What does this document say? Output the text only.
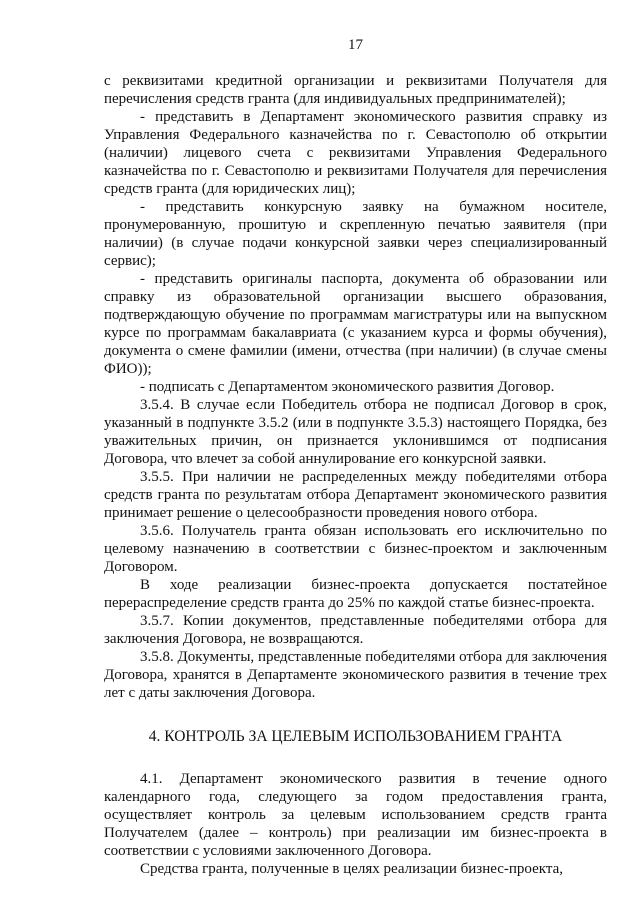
17

с реквизитами кредитной организации и реквизитами Получателя для перечисления средств гранта (для индивидуальных предпринимателей);

- представить в Департамент экономического развития справку из Управления Федерального казначейства по г. Севастополю об открытии (наличии) лицевого счета с реквизитами Управления Федерального казначейства по г. Севастополю и реквизитами Получателя для перечисления средств гранта (для юридических лиц);

- представить конкурсную заявку на бумажном носителе, пронумерованную, прошитую и скрепленную печатью заявителя (при наличии) (в случае подачи конкурсной заявки через специализированный сервис);

- представить оригиналы паспорта, документа об образовании или справку из образовательной организации высшего образования, подтверждающую обучение по программам магистратуры или на выпускном курсе по программам бакалавриата (с указанием курса и формы обучения), документа о смене фамилии (имени, отчества (при наличии) (в случае смены ФИО));

- подписать с Департаментом экономического развития Договор.

3.5.4. В случае если Победитель отбора не подписал Договор в срок, указанный в подпункте 3.5.2 (или в подпункте 3.5.3) настоящего Порядка, без уважительных причин, он признается уклонившимся от подписания Договора, что влечет за собой аннулирование его конкурсной заявки.

3.5.5. При наличии не распределенных между победителями отбора средств гранта по результатам отбора Департамент экономического развития принимает решение о целесообразности проведения нового отбора.

3.5.6. Получатель гранта обязан использовать его исключительно по целевому назначению в соответствии с бизнес-проектом и заключенным Договором.

В ходе реализации бизнес-проекта допускается постатейное перераспределение средств гранта до 25% по каждой статье бизнес-проекта.

3.5.7. Копии документов, представленные победителями отбора для заключения Договора, не возвращаются.

3.5.8. Документы, представленные победителями отбора для заключения Договора, хранятся в Департаменте экономического развития в течение трех лет с даты заключения Договора.

4. КОНТРОЛЬ ЗА ЦЕЛЕВЫМ ИСПОЛЬЗОВАНИЕМ ГРАНТА

4.1. Департамент экономического развития в течение одного календарного года, следующего за годом предоставления гранта, осуществляет контроль за целевым использованием средств гранта Получателем (далее – контроль) при реализации им бизнес-проекта в соответствии с условиями заключенного Договора.

Средства гранта, полученные в целях реализации бизнес-проекта,
